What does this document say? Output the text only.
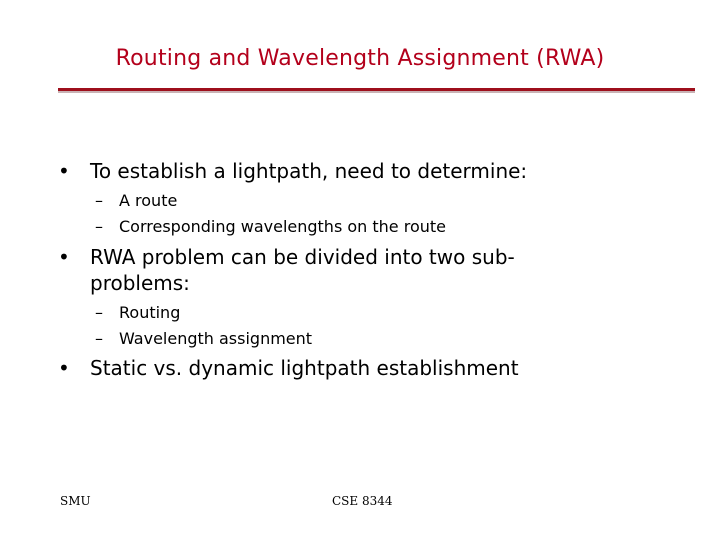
Routing and Wavelength Assignment (RWA)
•	To establish a lightpath, need to determine:
– A route
– Corresponding wavelengths on the route
•	RWA problem can be divided into two sub-
problems:
– Routing
– Wavelength assignment
•	Static vs. dynamic lightpath establishment
SMU	CSE 8344
